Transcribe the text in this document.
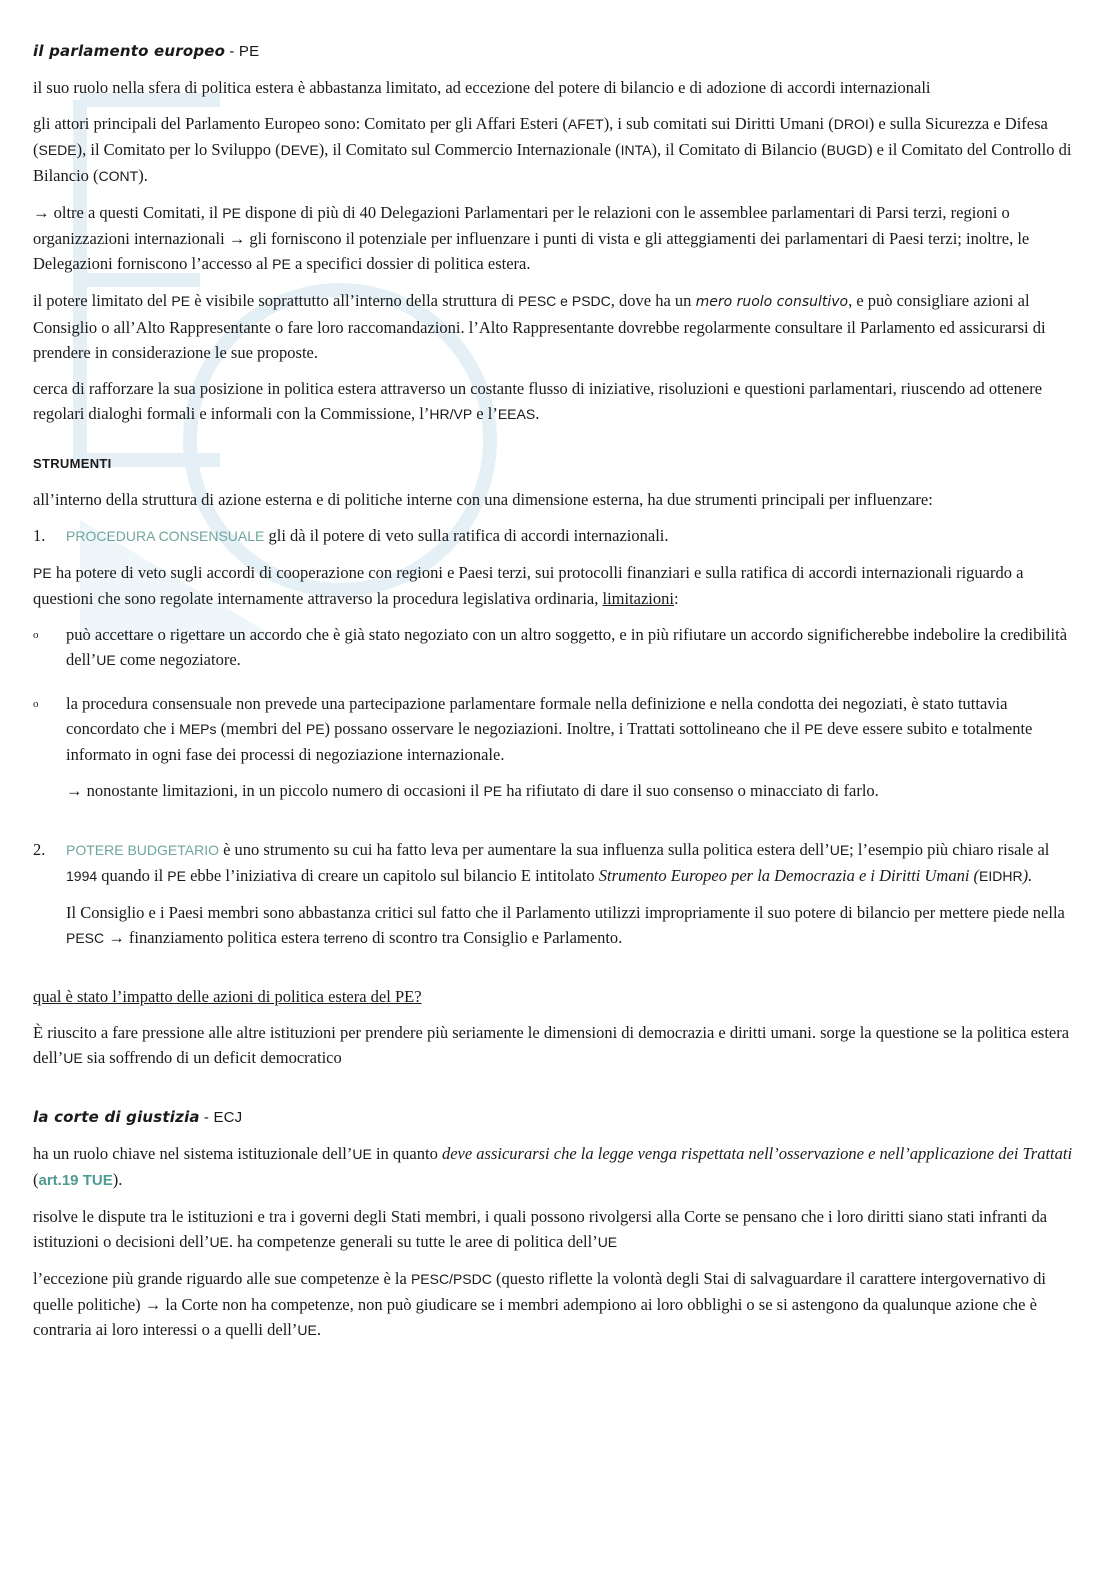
il parlamento europeo - PE

il suo ruolo nella sfera di politica estera è abbastanza limitato, ad eccezione del potere di bilancio e di adozione di accordi internazionali

gli attori principali del Parlamento Europeo sono: Comitato per gli Affari Esteri (AFET), i sub comitati sui Diritti Umani (DROI) e sulla Sicurezza e Difesa (SEDE), il Comitato per lo Sviluppo (DEVE), il Comitato sul Commercio Internazionale (INTA), il Comitato di Bilancio (BUGD) e il Comitato del Controllo di Bilancio (CONT).

→ oltre a questi Comitati, il PE dispone di più di 40 Delegazioni Parlamentari per le relazioni con le assemblee parlamentari di Parsi terzi, regioni o organizzazioni internazionali → gli forniscono il potenziale per influenzare i punti di vista e gli atteggiamenti dei parlamentari di Paesi terzi; inoltre, le Delegazioni forniscono l’accesso al PE a specifici dossier di politica estera.

il potere limitato del PE è visibile soprattutto all’interno della struttura di PESC e PSDC, dove ha un mero ruolo consultivo, e può consigliare azioni al Consiglio o all’Alto Rappresentante o fare loro raccomandazioni. l’Alto Rappresentante dovrebbe regolarmente consultare il Parlamento ed assicurarsi di prendere in considerazione le sue proposte.

cerca di rafforzare la sua posizione in politica estera attraverso un costante flusso di iniziative, risoluzioni e questioni parlamentari, riuscendo ad ottenere regolari dialoghi formali e informali con la Commissione, l’HR/VP e l’EEAS.

STRUMENTI

all’interno della struttura di azione esterna e di politiche interne con una dimensione esterna, ha due strumenti principali per influenzare:

1.	PROCEDURA CONSENSUALE gli dà il potere di veto sulla ratifica di accordi internazionali.

PE ha potere di veto sugli accordi di cooperazione con regioni e Paesi terzi, sui protocolli finanziari e sulla ratifica di accordi internazionali riguardo a questioni che sono regolate internamente attraverso la procedura legislativa ordinaria, limitazioni:

o	può accettare o rigettare un accordo che è già stato negoziato con un altro soggetto, e in più rifiutare un accordo significherebbe indebolire la credibilità dell’UE come negoziatore.
o	la procedura consensuale non prevede una partecipazione parlamentare formale nella definizione e nella condotta dei negoziati, è stato tuttavia concordato che i MEPs (membri del PE) possano osservare le negoziazioni. Inoltre, i Trattati sottolineano che il PE deve essere subito e totalmente informato in ogni fase dei processi di negoziazione internazionale.

→ nonostante limitazioni, in un piccolo numero di occasioni il PE ha rifiutato di dare il suo consenso o minacciato di farlo.

2.	POTERE BUDGETARIO è uno strumento su cui ha fatto leva per aumentare la sua influenza sulla politica estera dell’UE; l’esempio più chiaro risale al 1994 quando il PE ebbe l’iniziativa di creare un capitolo sul bilancio E intitolato Strumento Europeo per la Democrazia e i Diritti Umani (EIDHR).

Il Consiglio e i Paesi membri sono abbastanza critici sul fatto che il Parlamento utilizzi impropriamente il suo potere di bilancio per mettere piede nella PESC → finanziamento politica estera terreno di scontro tra Consiglio e Parlamento.

qual è stato l’impatto delle azioni di politica estera del PE?

È riuscito a fare pressione alle altre istituzioni per prendere più seriamente le dimensioni di democrazia e diritti umani. sorge la questione se la politica estera dell’UE sia soffrendo di un deficit democratico

la corte di giustizia - ECJ

ha un ruolo chiave nel sistema istituzionale dell’UE in quanto deve assicurarsi che la legge venga rispettata nell’osservazione e nell’applicazione dei Trattati (art.19 TUE).

risolve le dispute tra le istituzioni e tra i governi degli Stati membri, i quali possono rivolgersi alla Corte se pensano che i loro diritti siano stati infranti da istituzioni o decisioni dell’UE. ha competenze generali su tutte le aree di politica dell’UE

l’eccezione più grande riguardo alle sue competenze è la PESC/PSDC (questo riflette la volontà degli Stai di salvaguardare il carattere intergovernativo di quelle politiche) → la Corte non ha competenze, non può giudicare se i membri adempiono ai loro obblighi o se si astengono da qualunque azione che è contraria ai loro interessi o a quelli dell’UE.
